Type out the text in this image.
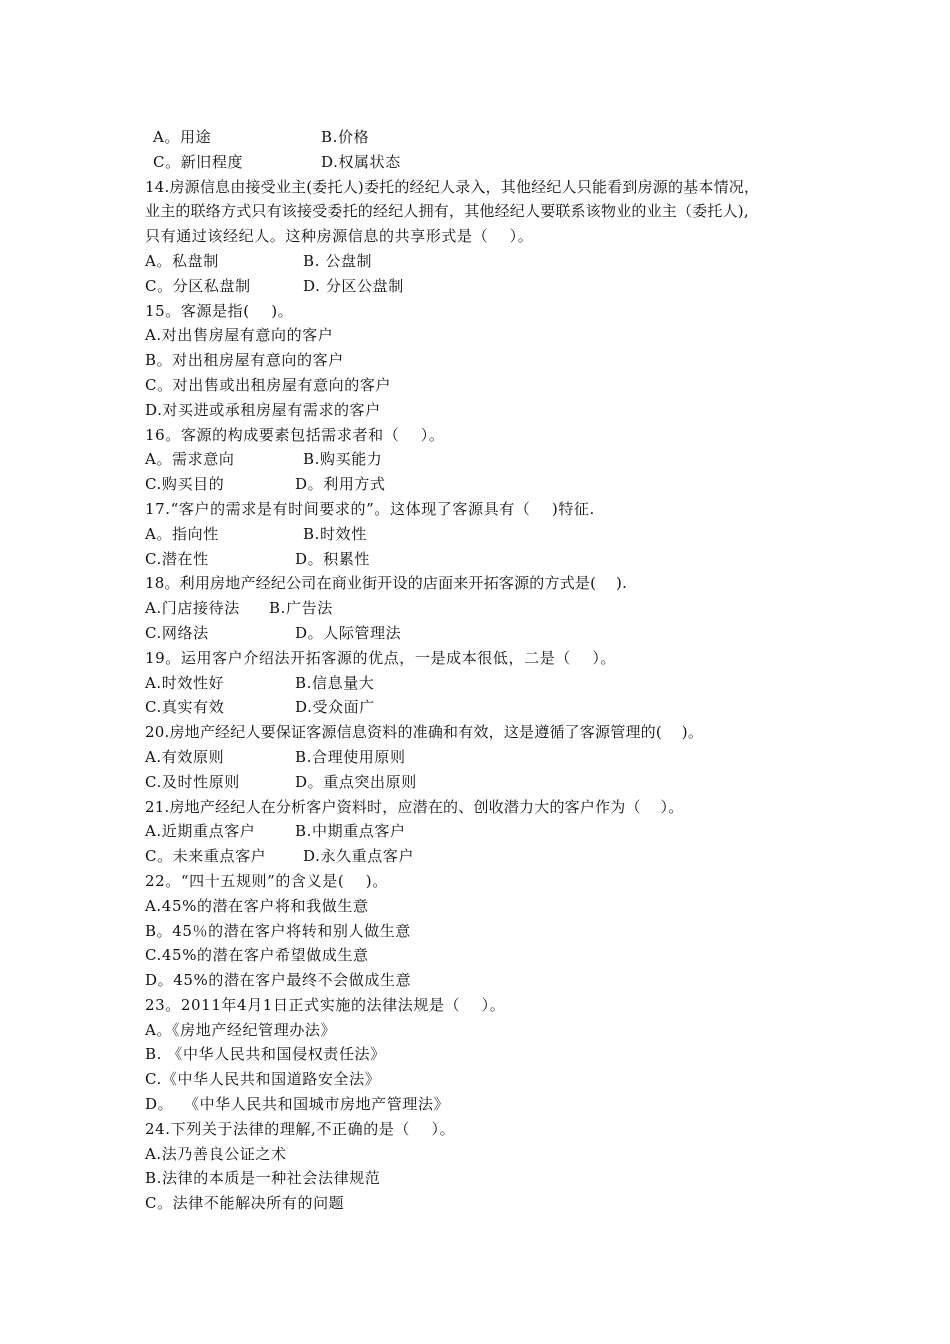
A。用途	B.价格
C。新旧程度	D.权属状态
14.房源信息由接受业主(委托人)委托的经纪人录入，其他经纪人只能看到房源的基本情况，
业主的联络方式只有该接受委托的经纪人拥有，其他经纪人要联系该物业的业主（委托人),
只有通过该经纪人。这种房源信息的共享形式是（    ）。
A。私盘制	B. 公盘制
C。分区私盘制	D. 分区公盘制
15。客源是指(    )。
A.对出售房屋有意向的客户
B。对出租房屋有意向的客户
C。对出售或出租房屋有意向的客户
D.对买进或承租房屋有需求的客户
16。客源的构成要素包括需求者和（    ）。
A。需求意向	B.购买能力
C.购买目的	D。利用方式
17.“客户的需求是有时间要求的”。这体现了客源具有（    )特征.
A。指向性	B.时效性
C.潜在性	D。积累性
18。利用房地产经纪公司在商业街开设的店面来开拓客源的方式是(    ).
A.门店接待法	B.广告法
C.网络法	D。人际管理法
19。运用客户介绍法开拓客源的优点，一是成本很低，二是（    ）。
A.时效性好	B.信息量大
C.真实有效	D.受众面广
20.房地产经纪人要保证客源信息资料的准确和有效，这是遵循了客源管理的(    )。
A.有效原则	B.合理使用原则
C.及时性原则	D。重点突出原则
21.房地产经纪人在分析客户资料时，应潜在的、创收潜力大的客户作为（    ）。
A.近期重点客户	B.中期重点客户
C。未来重点客户	D.永久重点客户
22。“四十五规则”的含义是(    )。
A.45%的潜在客户将和我做生意
B。45％的潜在客户将转和别人做生意
C.45%的潜在客户希望做成生意
D。45%的潜在客户最终不会做成生意
23。2011年4月1日正式实施的法律法规是（    ）。
A。《房地产经纪管理办法》
B. 《中华人民共和国侵权责任法》
C.《中华人民共和国道路安全法》
D。  《中华人民共和国城市房地产管理法》
24.下列关于法律的理解,不正确的是（    ）。
A.法乃善良公证之术
B.法律的本质是一种社会法律规范
C。法律不能解决所有的问题
